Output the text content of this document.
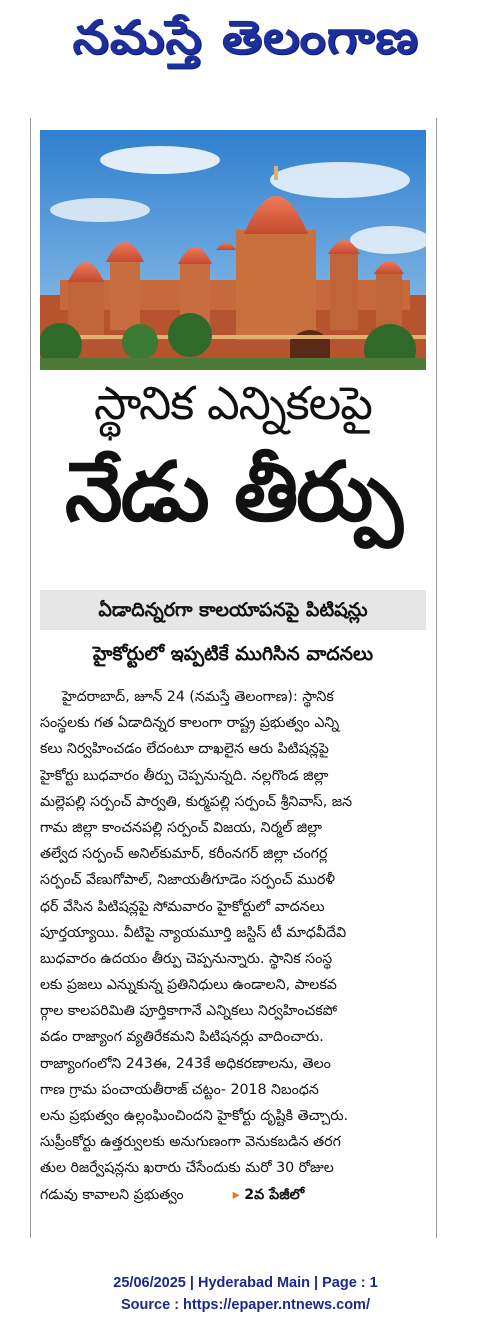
నమస్తే తెలంగాణ
స్థానిక ఎన్నికలపై
నేడు తీర్పు
ఏడాదిన్నరగా కాలయాపనపై పిటిషన్లు
హైకోర్టులో ఇప్పటికే ముగిసిన వాదనలు
హైదరాబాద్, జూన్ 24 (నమస్తే తెలంగాణ): స్థానిక
సంస్థలకు గత ఏడాదిన్నర కాలంగా రాష్ట్ర ప్రభుత్వం ఎన్ని
కలు నిర్వహించడం లేదంటూ దాఖలైన ఆరు పిటిషన్లపై
హైకోర్టు బుధవారం తీర్పు చెప్పనున్నది. నల్లగొండ జిల్లా
మల్లెపల్లి సర్పంచ్ పార్వతి, కుర్మపల్లి సర్పంచ్ శ్రీనివాస్, జన
గామ జిల్లా కాంచనపల్లి సర్పంచ్ విజయ, నిర్మల్ జిల్లా
తల్వేద సర్పంచ్ అనిల్‌కుమార్, కరీంనగర్ జిల్లా చంగర్ల
సర్పంచ్ వేణుగోపాల్, నిజాయతీగూడెం సర్పంచ్ మురళీ
ధర్ వేసిన పిటిషన్లపై సోమవారం హైకోర్టులో వాదనలు
పూర్తయ్యాయి. వీటిపై న్యాయమూర్తి జస్టిస్ టీ మాధవీదేవి
బుధవారం ఉదయం తీర్పు చెప్పనున్నారు. స్థానిక సంస్థ
లకు ప్రజలు ఎన్నుకున్న ప్రతినిధులు ఉండాలని, పాలకవ
ర్గాల కాలపరిమితి పూర్తికాగానే ఎన్నికలు నిర్వహించకపో
వడం రాజ్యాంగ వ్యతిరేకమని పిటిషనర్లు వాదించారు.
రాజ్యాంగంలోని 243ఈ, 243కే అధికరణాలను, తెలం
గాణ గ్రామ పంచాయతీరాజ్ చట్టం- 2018 నిబంధన
లను ప్రభుత్వం ఉల్లంఘించిందని హైకోర్టు దృష్టికి తెచ్చారు.
సుప్రీంకోర్టు ఉత్తర్వులకు అనుగుణంగా వెనుకబడిన తరగ
తుల రిజర్వేషన్లను ఖరారు చేసేందుకు మరో 30 రోజుల
గడువు కావాలని ప్రభుత్వం	▸ 2వ పేజీలో
25/06/2025 | Hyderabad Main | Page : 1
Source : https://epaper.ntnews.com/
